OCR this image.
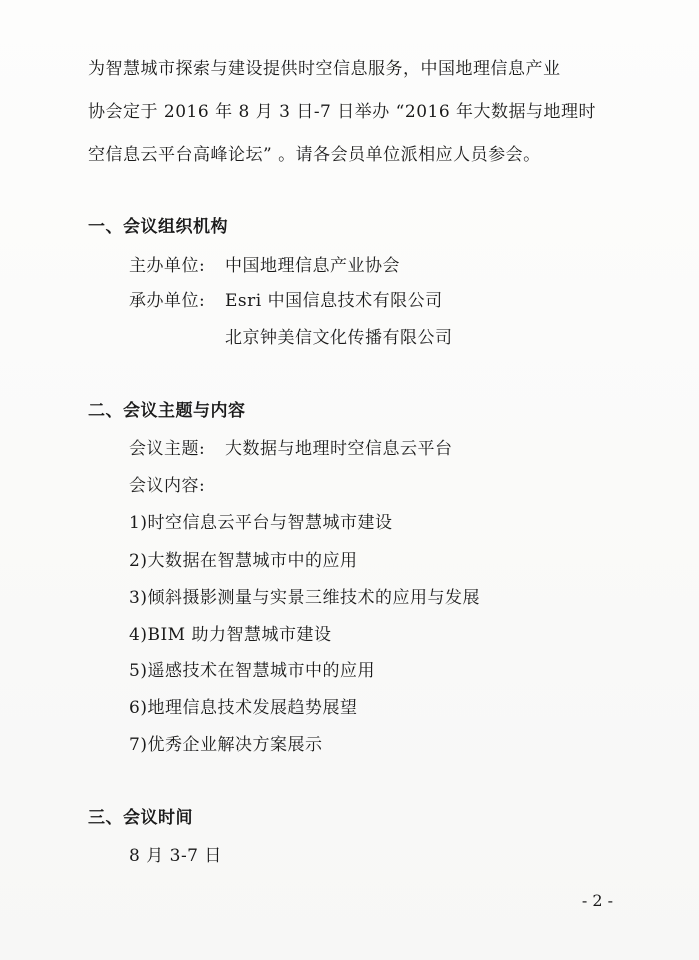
为智慧城市探索与建设提供时空信息服务，中国地理信息产业
协会定于 2016 年 8 月 3 日-7 日举办 “2016 年大数据与地理时
空信息云平台高峰论坛” 。请各会员单位派相应人员参会。
一、会议组织机构
主办单位: 中国地理信息产业协会
承办单位: Esri 中国信息技术有限公司
北京钟美信文化传播有限公司
二、会议主题与内容
会议主题: 大数据与地理时空信息云平台
会议内容:
1)时空信息云平台与智慧城市建设
2)大数据在智慧城市中的应用
3)倾斜摄影测量与实景三维技术的应用与发展
4)BIM 助力智慧城市建设
5)遥感技术在智慧城市中的应用
6)地理信息技术发展趋势展望
7)优秀企业解决方案展示
三、会议时间
8 月 3-7 日
- 2 -
